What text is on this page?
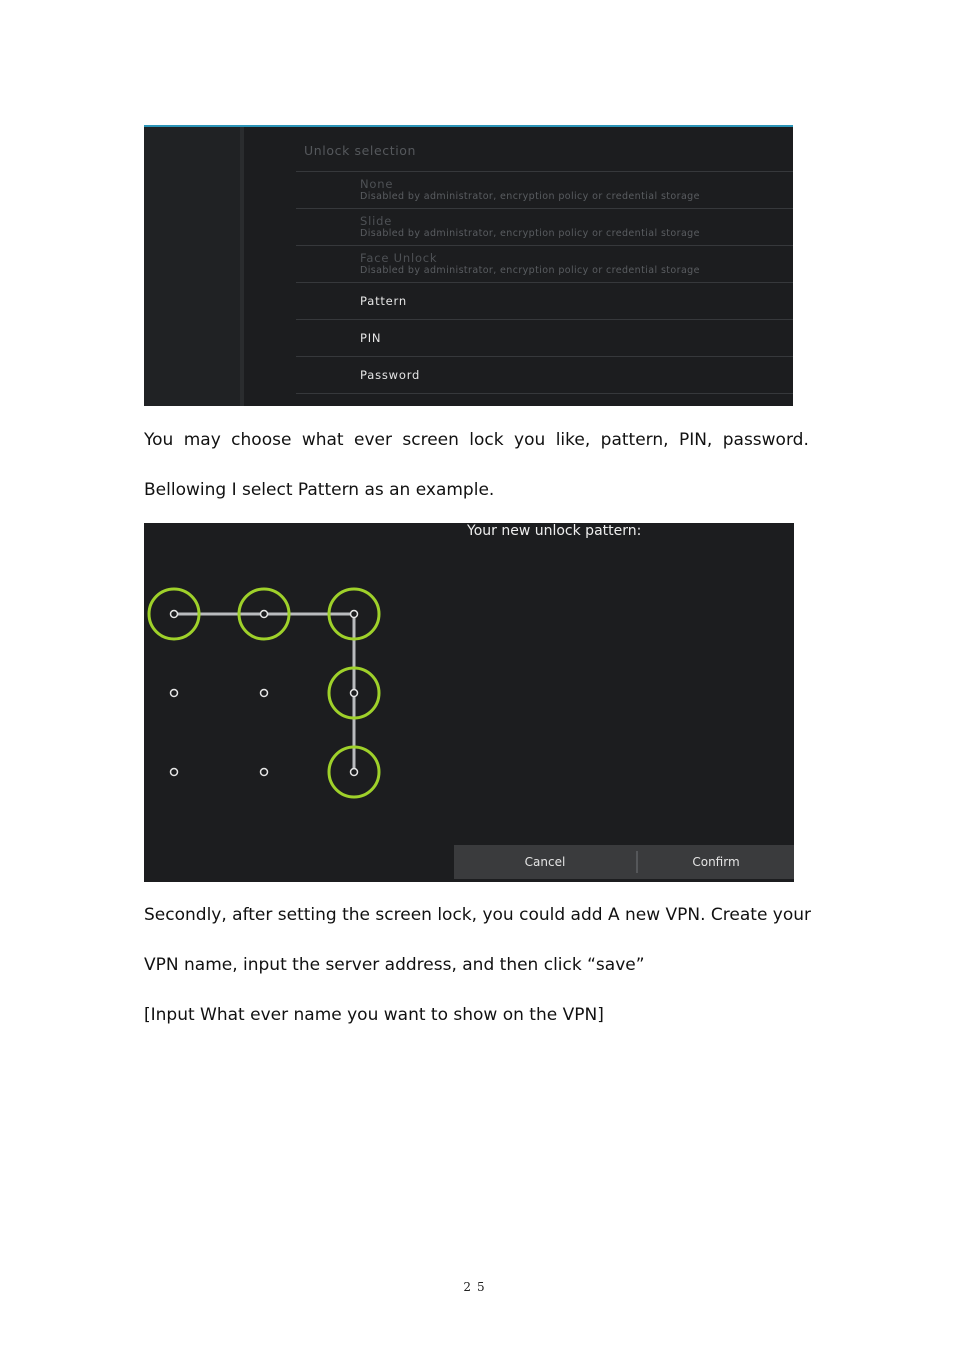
Unlock selection
None
Disabled by administrator, encryption policy or credential storage
Slide
Disabled by administrator, encryption policy or credential storage
Face Unlock
Disabled by administrator, encryption policy or credential storage
Pattern
PIN
Password
You may choose what ever screen lock you like, pattern, PIN, password.
Bellowing I select Pattern as an example.
Your new unlock pattern:
Cancel	Confirm
Secondly, after setting the screen lock, you could add A new VPN. Create your
VPN name, input the server address, and then click “save”
[Input What ever name you want to show on the VPN]
25
